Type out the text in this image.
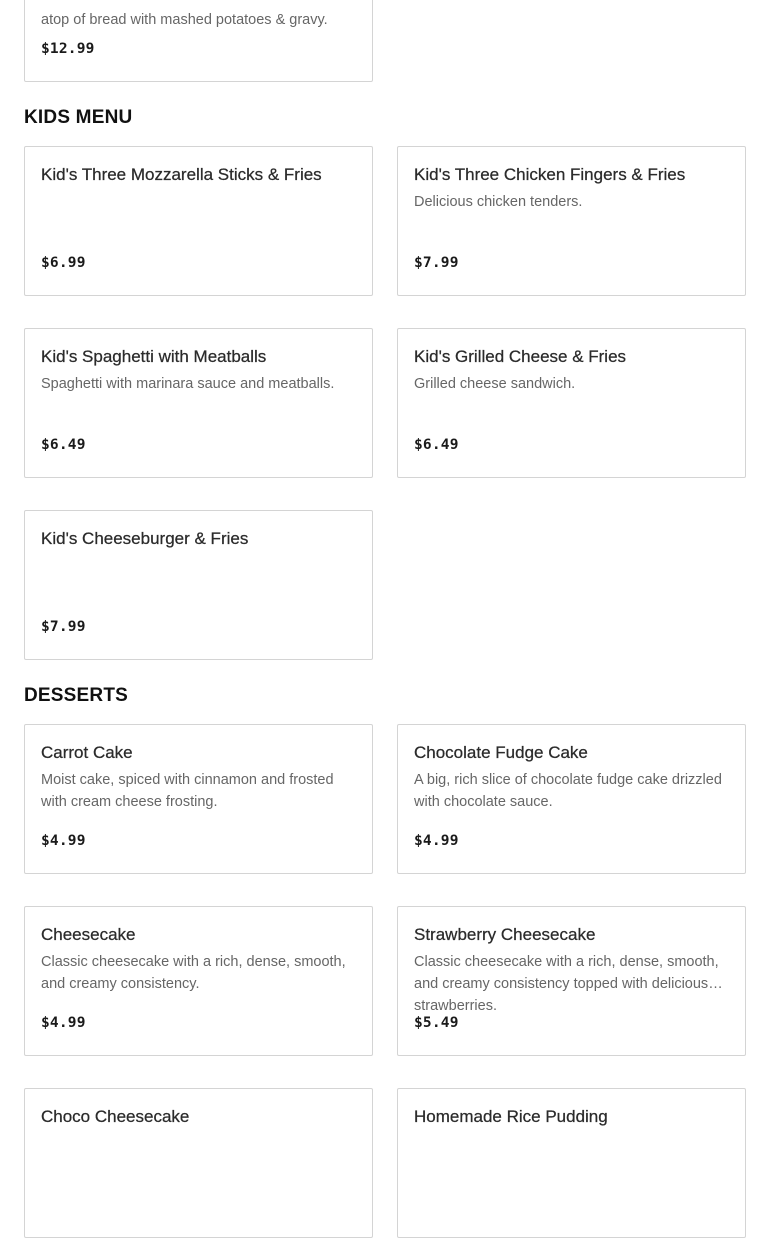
atop of bread with mashed potatoes & gravy.
$12.99
KIDS MENU
Kid's Three Mozzarella Sticks & Fries
$6.99
Kid's Three Chicken Fingers & Fries
Delicious chicken tenders.
$7.99
Kid's Spaghetti with Meatballs
Spaghetti with marinara sauce and meatballs.
$6.49
Kid's Grilled Cheese & Fries
Grilled cheese sandwich.
$6.49
Kid's Cheeseburger & Fries
$7.99
DESSERTS
Carrot Cake
Moist cake, spiced with cinnamon and frosted with cream cheese frosting.
$4.99
Chocolate Fudge Cake
A big, rich slice of chocolate fudge cake drizzled with chocolate sauce.
$4.99
Cheesecake
Classic cheesecake with a rich, dense, smooth, and creamy consistency.
$4.99
Strawberry Cheesecake
Classic cheesecake with a rich, dense, smooth, and creamy consistency topped with delicious strawberries.
$5.49
Choco Cheesecake	Homemade Rice Pudding
